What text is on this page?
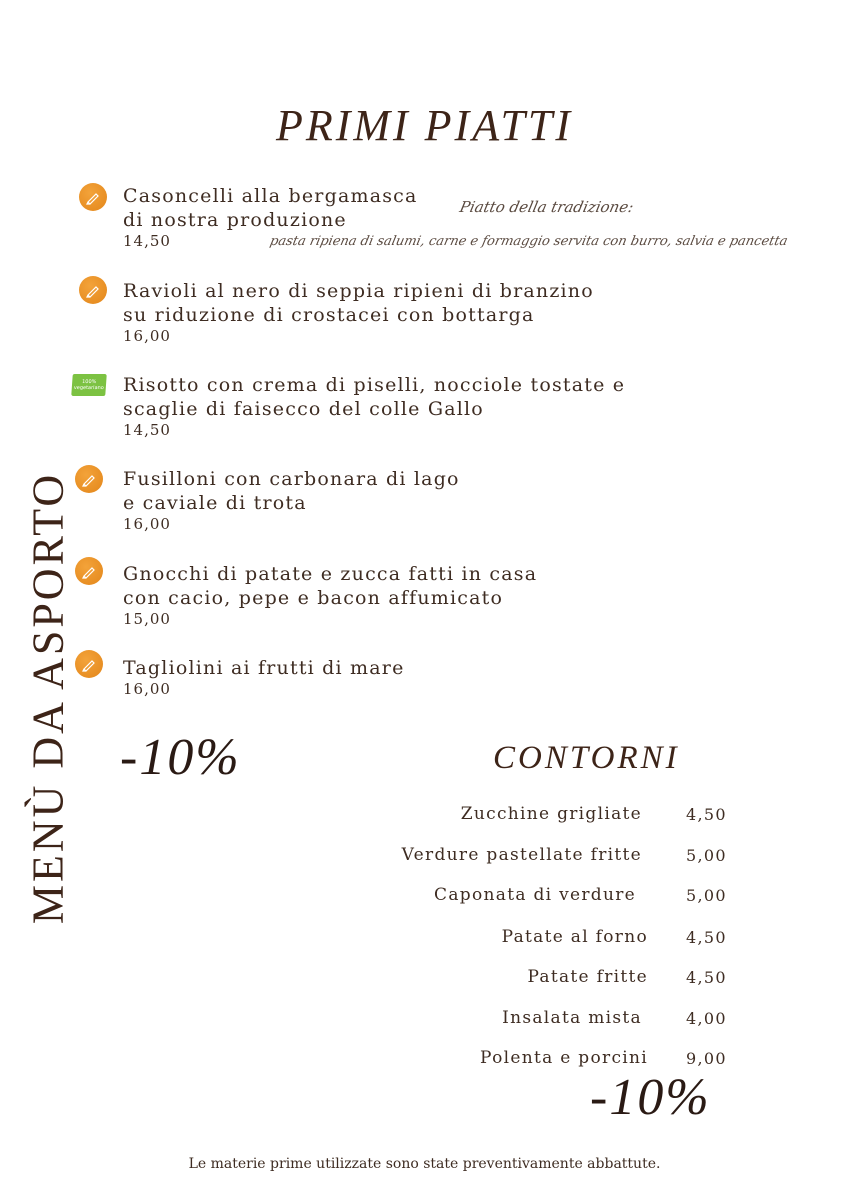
PRIMI PIATTI
MENÙ DA ASPORTO
Casoncelli alla bergamasca
di nostra produzione
14,50
Piatto della tradizione:
pasta ripiena di salumi, carne e formaggio servita con burro, salvia e pancetta
Ravioli al nero di seppia ripieni di branzino
su riduzione di crostacei con bottarga
16,00
100% vegetariano Risotto con crema di piselli, nocciole tostate e
scaglie di faisecco del colle Gallo
14,50
Fusilloni con carbonara di lago
e caviale di trota
16,00
Gnocchi di patate e zucca fatti in casa
con cacio, pepe e bacon affumicato
15,00
Tagliolini ai frutti di mare
16,00
-10%	CONTORNI
Zucchine grigliate	4,50
Verdure pastellate fritte	5,00
Caponata di verdure	5,00
Patate al forno 4,50
Patate fritte 4,50
Insalata mista	4,00
Polenta e porcini 9,00
-10%
Le materie prime utilizzate sono state preventivamente abbattute.
